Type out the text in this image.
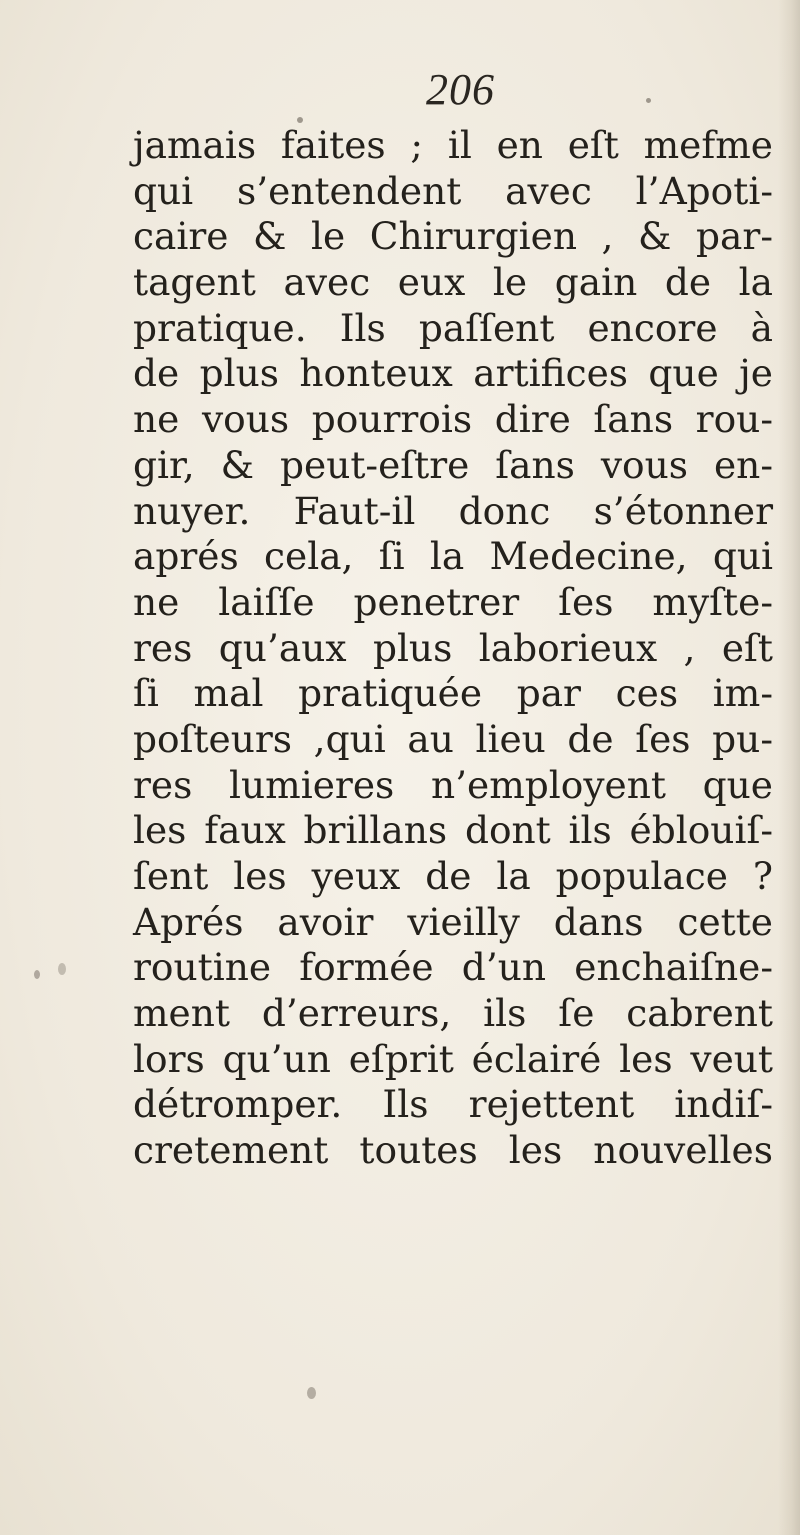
206
jamais faites ; il en eſt mefme
qui s’entendent avec l’Apoti-
caire & le Chirurgien , & par-
tagent avec eux le gain de la
pratique. Ils paſſent encore à
de plus honteux artifices que je
ne vous pourrois dire ſans rou-
gir, & peut-eſtre ſans vous en-
nuyer. Faut-il donc s’étonner
aprés cela, ſi la Medecine, qui
ne laiſſe penetrer ſes myſte-
res qu’aux plus laborieux , eſt
ſi mal pratiquée par ces im-
poſteurs ,qui au lieu de ſes pu-
res lumieres n’employent que
les faux brillans dont ils éblouiſ-
ſent les yeux de la populace ?
Aprés avoir vieilly dans cette
routine formée d’un enchaiſne-
ment d’erreurs, ils ſe cabrent
lors qu’un eſprit éclairé les veut
détromper. Ils rejettent indiſ-
cretement toutes les nouvelles
